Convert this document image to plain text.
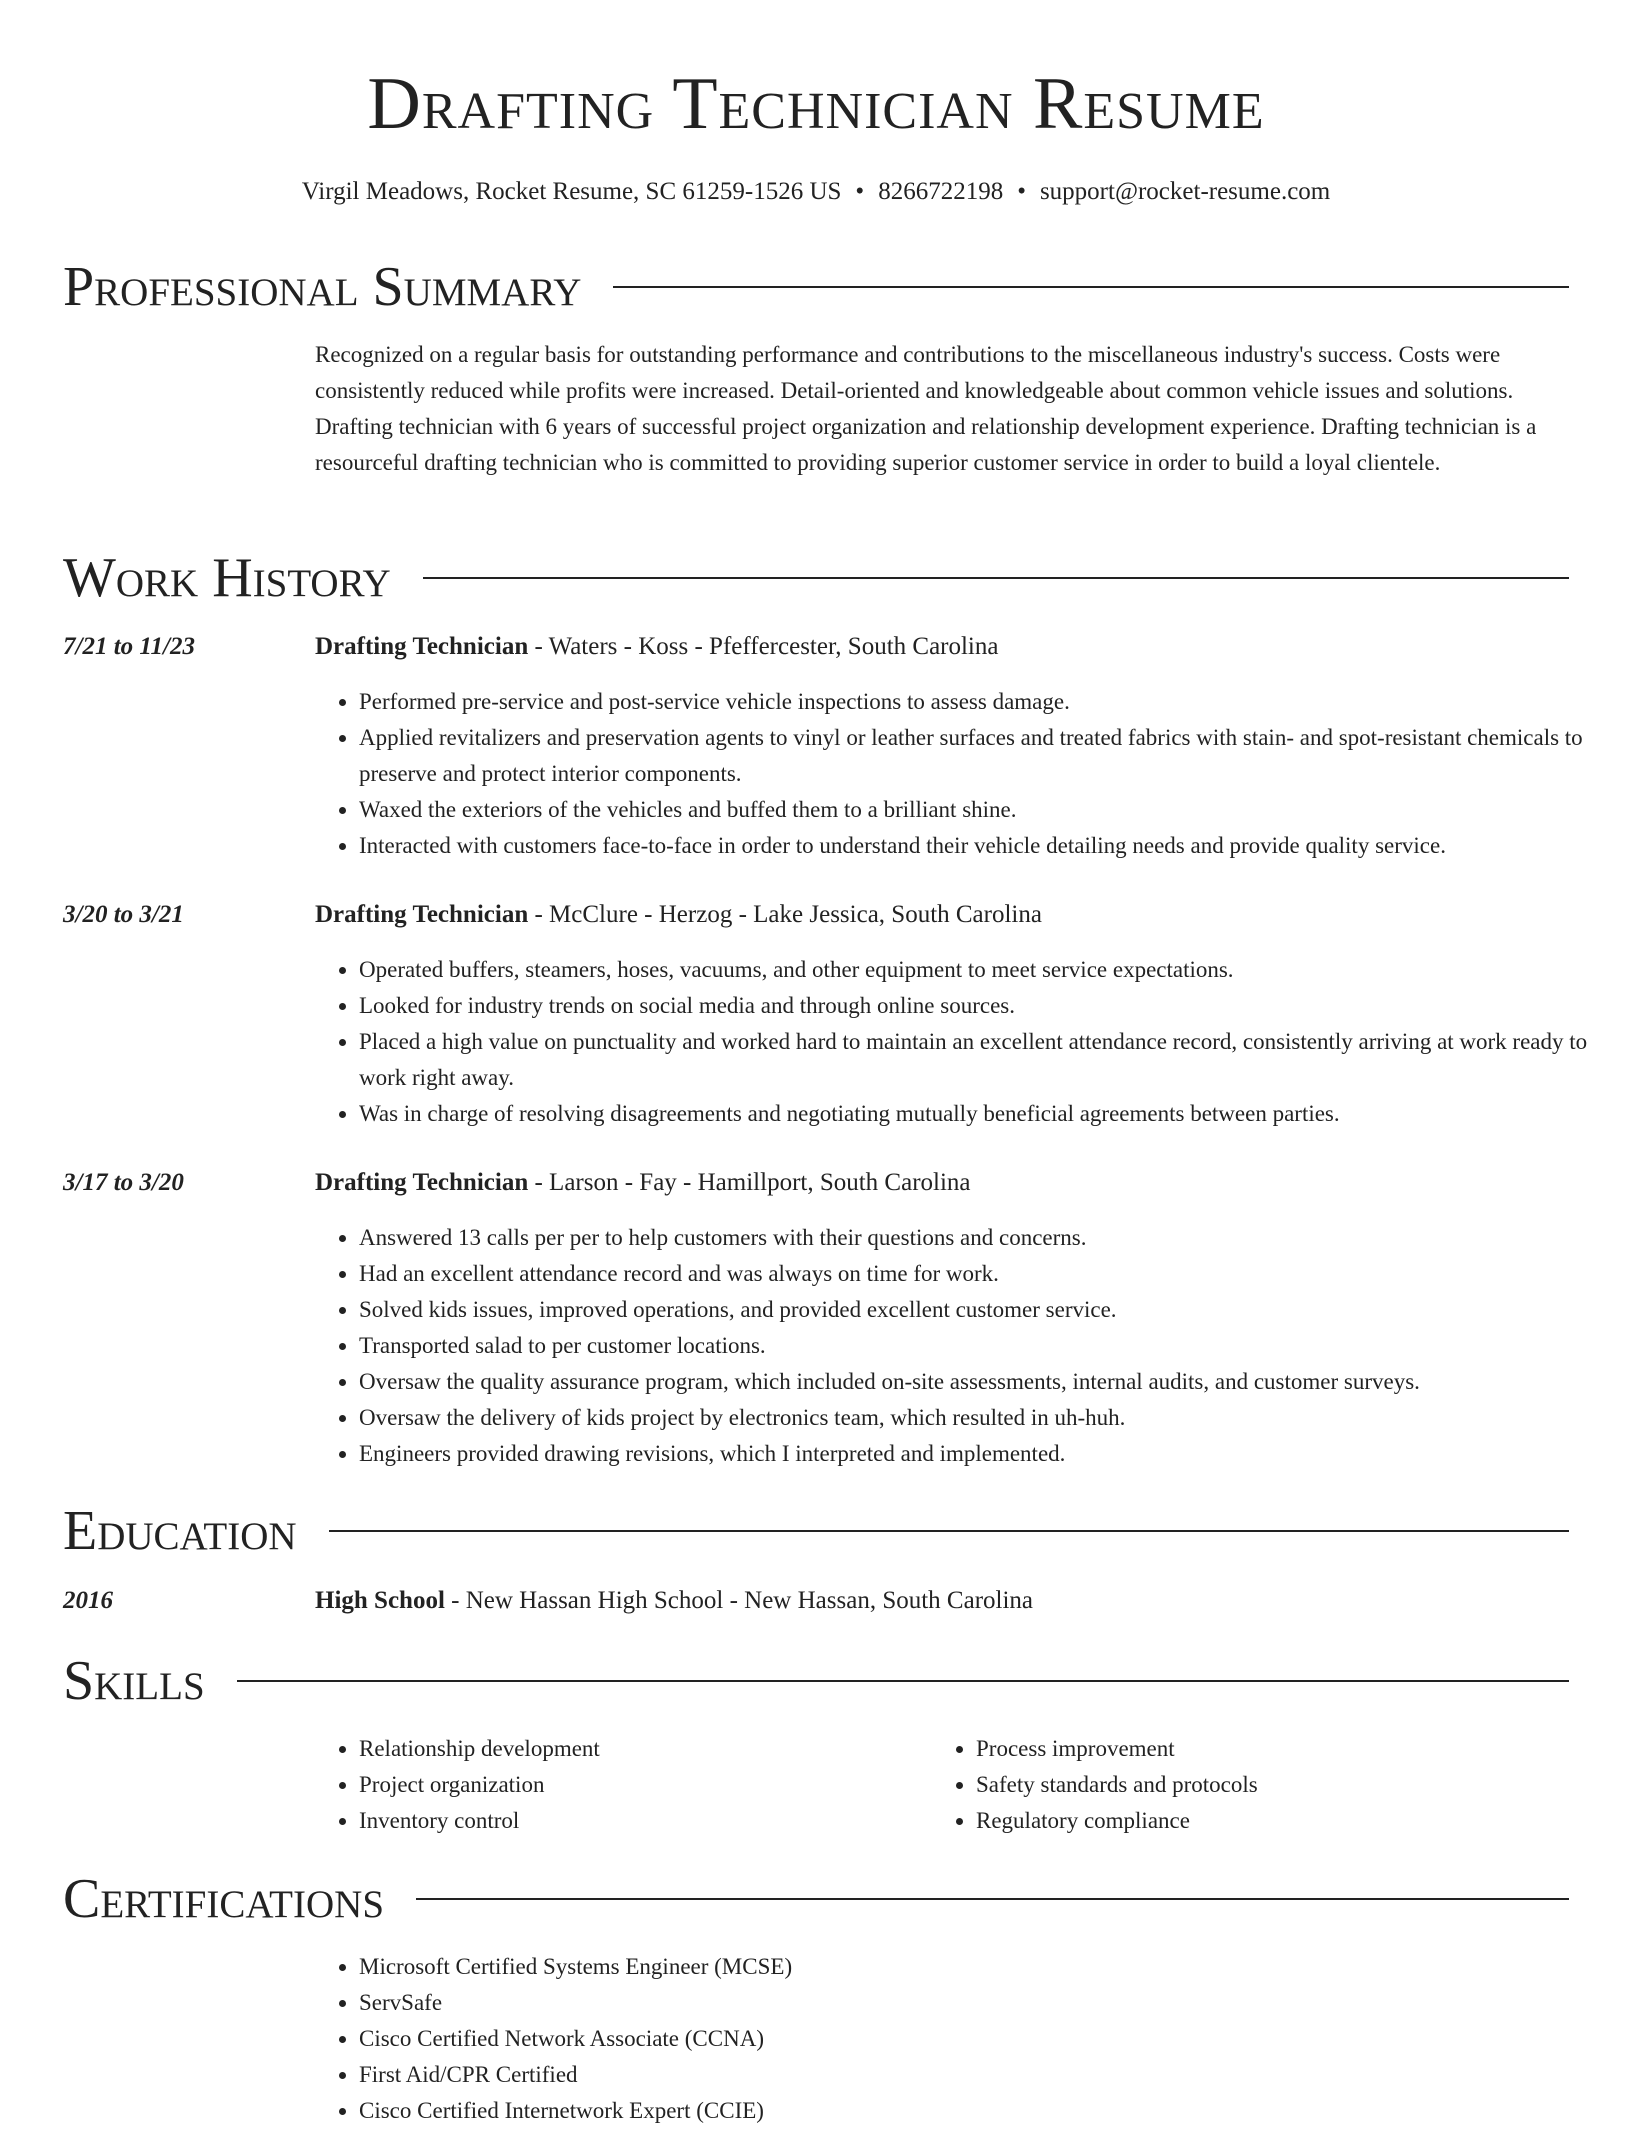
Drafting Technician Resume
Virgil Meadows, Rocket Resume, SC 61259-1526 US • 8266722198 • support@rocket-resume.com
Professional Summary

Recognized on a regular basis for outstanding performance and contributions to the miscellaneous industry's success. Costs were consistently reduced while profits were increased. Detail-oriented and knowledgeable about common vehicle issues and solutions. Drafting technician with 6 years of successful project organization and relationship development experience. Drafting technician is a resourceful drafting technician who is committed to providing superior customer service in order to build a loyal clientele.

Work History
7/21 to 11/23	Drafting Technician - Waters - Koss - Pfeffercester, South Carolina
• Performed pre-service and post-service vehicle inspections to assess damage.
• Applied revitalizers and preservation agents to vinyl or leather surfaces and treated fabrics with stain- and spot-resistant chemicals to preserve and protect interior components.
• Waxed the exteriors of the vehicles and buffed them to a brilliant shine.
• Interacted with customers face-to-face in order to understand their vehicle detailing needs and provide quality service.
3/20 to 3/21	Drafting Technician - McClure - Herzog - Lake Jessica, South Carolina
• Operated buffers, steamers, hoses, vacuums, and other equipment to meet service expectations.
• Looked for industry trends on social media and through online sources.
• Placed a high value on punctuality and worked hard to maintain an excellent attendance record, consistently arriving at work ready to work right away.
• Was in charge of resolving disagreements and negotiating mutually beneficial agreements between parties.
3/17 to 3/20	Drafting Technician - Larson - Fay - Hamillport, South Carolina
• Answered 13 calls per per to help customers with their questions and concerns.
• Had an excellent attendance record and was always on time for work.
• Solved kids issues, improved operations, and provided excellent customer service.
• Transported salad to per customer locations.
• Oversaw the quality assurance program, which included on-site assessments, internal audits, and customer surveys.
• Oversaw the delivery of kids project by electronics team, which resulted in uh-huh.
• Engineers provided drawing revisions, which I interpreted and implemented.
Education
2016	High School - New Hassan High School - New Hassan, South Carolina
Skills
• Relationship development
• Project organization
• Inventory control
• Process improvement
• Safety standards and protocols
• Regulatory compliance
Certifications
• Microsoft Certified Systems Engineer (MCSE)
• ServSafe
• Cisco Certified Network Associate (CCNA)
• First Aid/CPR Certified
• Cisco Certified Internetwork Expert (CCIE)
